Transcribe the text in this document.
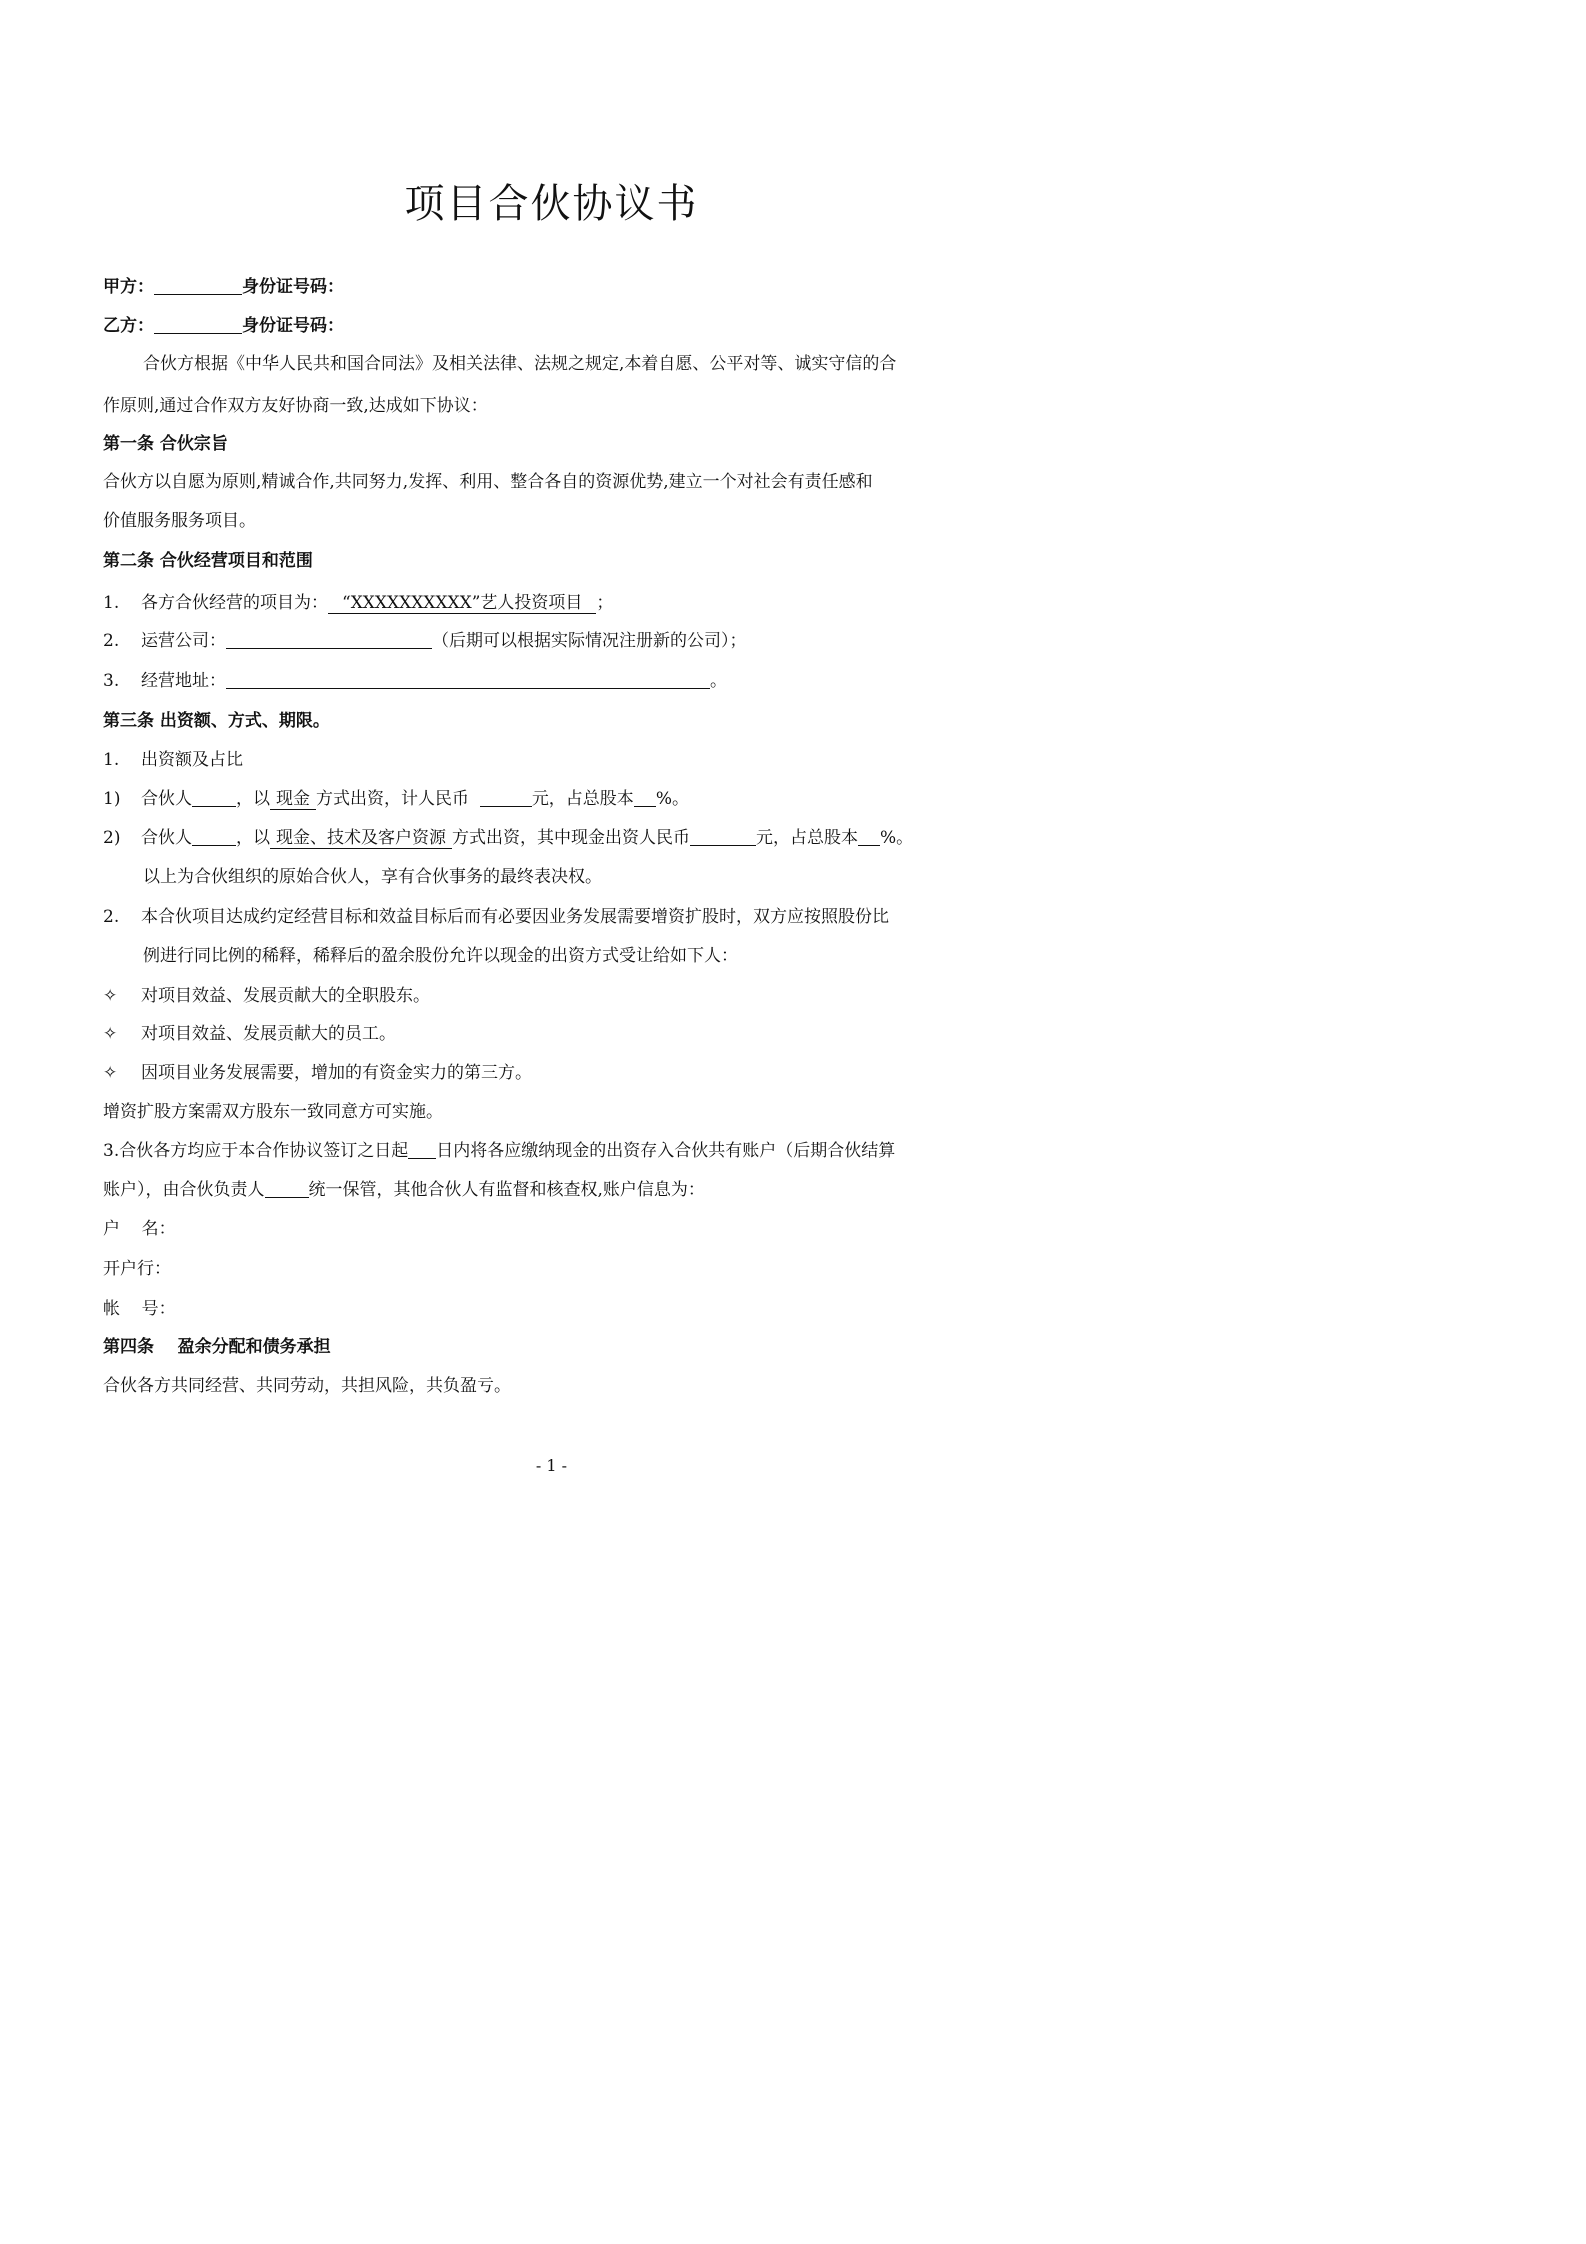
项目合伙协议书
甲方：	身份证号码：
乙方：	身份证号码：
合伙方根据《中华人民共和国合同法》及相关法律、法规之规定,本着自愿、公平对等、诚实守信的合
作原则,通过合作双方友好协商一致,达成如下协议：
第一条 合伙宗旨
合伙方以自愿为原则,精诚合作,共同努力,发挥、利用、整合各自的资源优势,建立一个对社会有责任感和
价值服务服务项目。
第二条 合伙经营项目和范围
1. 各方合伙经营的项目为： “XXXXXXXXXX”艺人投资项目 ；
2. 运营公司：	（后期可以根据实际情况注册新的公司）；
3. 经营地址：	。
第三条 出资额、方式、期限。
1. 出资额及占比
1) 合伙人	，以 现金 方式出资，计人民币	元，占总股本 %。
2) 合伙人	，以 现金、技术及客户资源 方式出资，其中现金出资人民币	元，占总股本 %。
以上为合伙组织的原始合伙人，享有合伙事务的最终表决权。
2. 本合伙项目达成约定经营目标和效益目标后而有必要因业务发展需要增资扩股时，双方应按照股份比
例进行同比例的稀释，稀释后的盈余股份允许以现金的出资方式受让给如下人：
✧ 对项目效益、发展贡献大的全职股东。
✧ 对项目效益、发展贡献大的员工。
✧ 因项目业务发展需要，增加的有资金实力的第三方。
增资扩股方案需双方股东一致同意方可实施。
3.合伙各方均应于本合作协议签订之日起 日内将各应缴纳现金的出资存入合伙共有账户（后期合伙结算
账户），由合伙负责人	统一保管，其他合伙人有监督和核查权,账户信息为：
户    名：
开户行：
帐    号：
第四条    盈余分配和债务承担
合伙各方共同经营、共同劳动，共担风险，共负盈亏。
- 1 -
